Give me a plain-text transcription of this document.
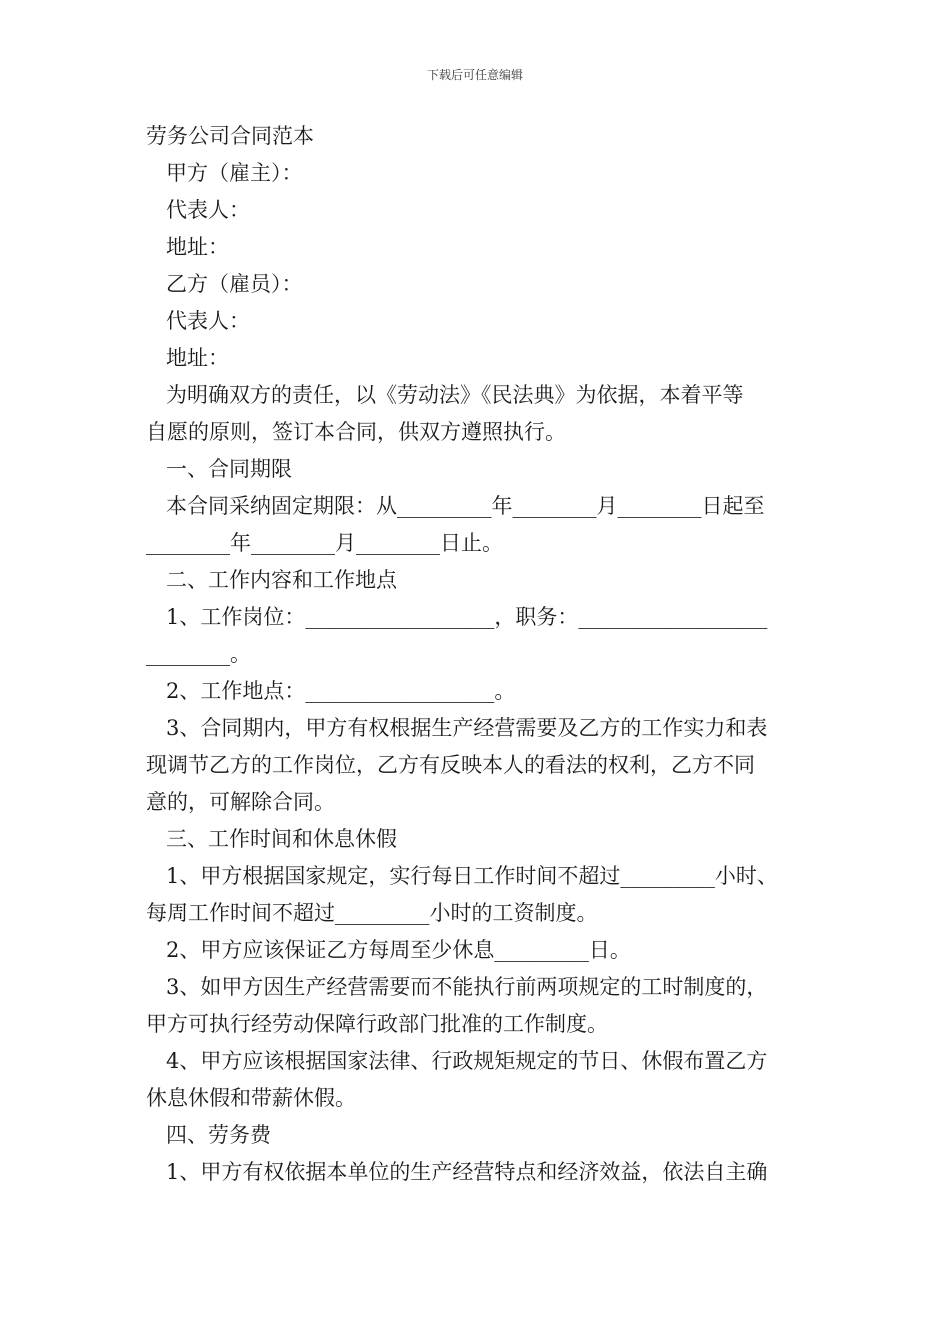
下载后可任意编辑
劳务公司合同范本
甲方（雇主）：
代表人：
地址：
乙方（雇员）：
代表人：
地址：
为明确双方的责任，以《劳动法》《民法典》为依据，本着平等
自愿的原则，签订本合同，供双方遵照执行。
一、合同期限
本合同采纳固定期限：从_________年________月________日起至
________年________月________日止。
二、工作内容和工作地点
1、工作岗位：__________________，职务：__________________
________。
2、工作地点：__________________。
3、合同期内，甲方有权根据生产经营需要及乙方的工作实力和表
现调节乙方的工作岗位，乙方有反映本人的看法的权利，乙方不同
意的，可解除合同。
三、工作时间和休息休假
1、甲方根据国家规定，实行每日工作时间不超过_________小时、
每周工作时间不超过_________小时的工资制度。
2、甲方应该保证乙方每周至少休息_________日。
3、如甲方因生产经营需要而不能执行前两项规定的工时制度的，
甲方可执行经劳动保障行政部门批准的工作制度。
4、甲方应该根据国家法律、行政规矩规定的节日、休假布置乙方
休息休假和带薪休假。
四、劳务费
1、甲方有权依据本单位的生产经营特点和经济效益，依法自主确
